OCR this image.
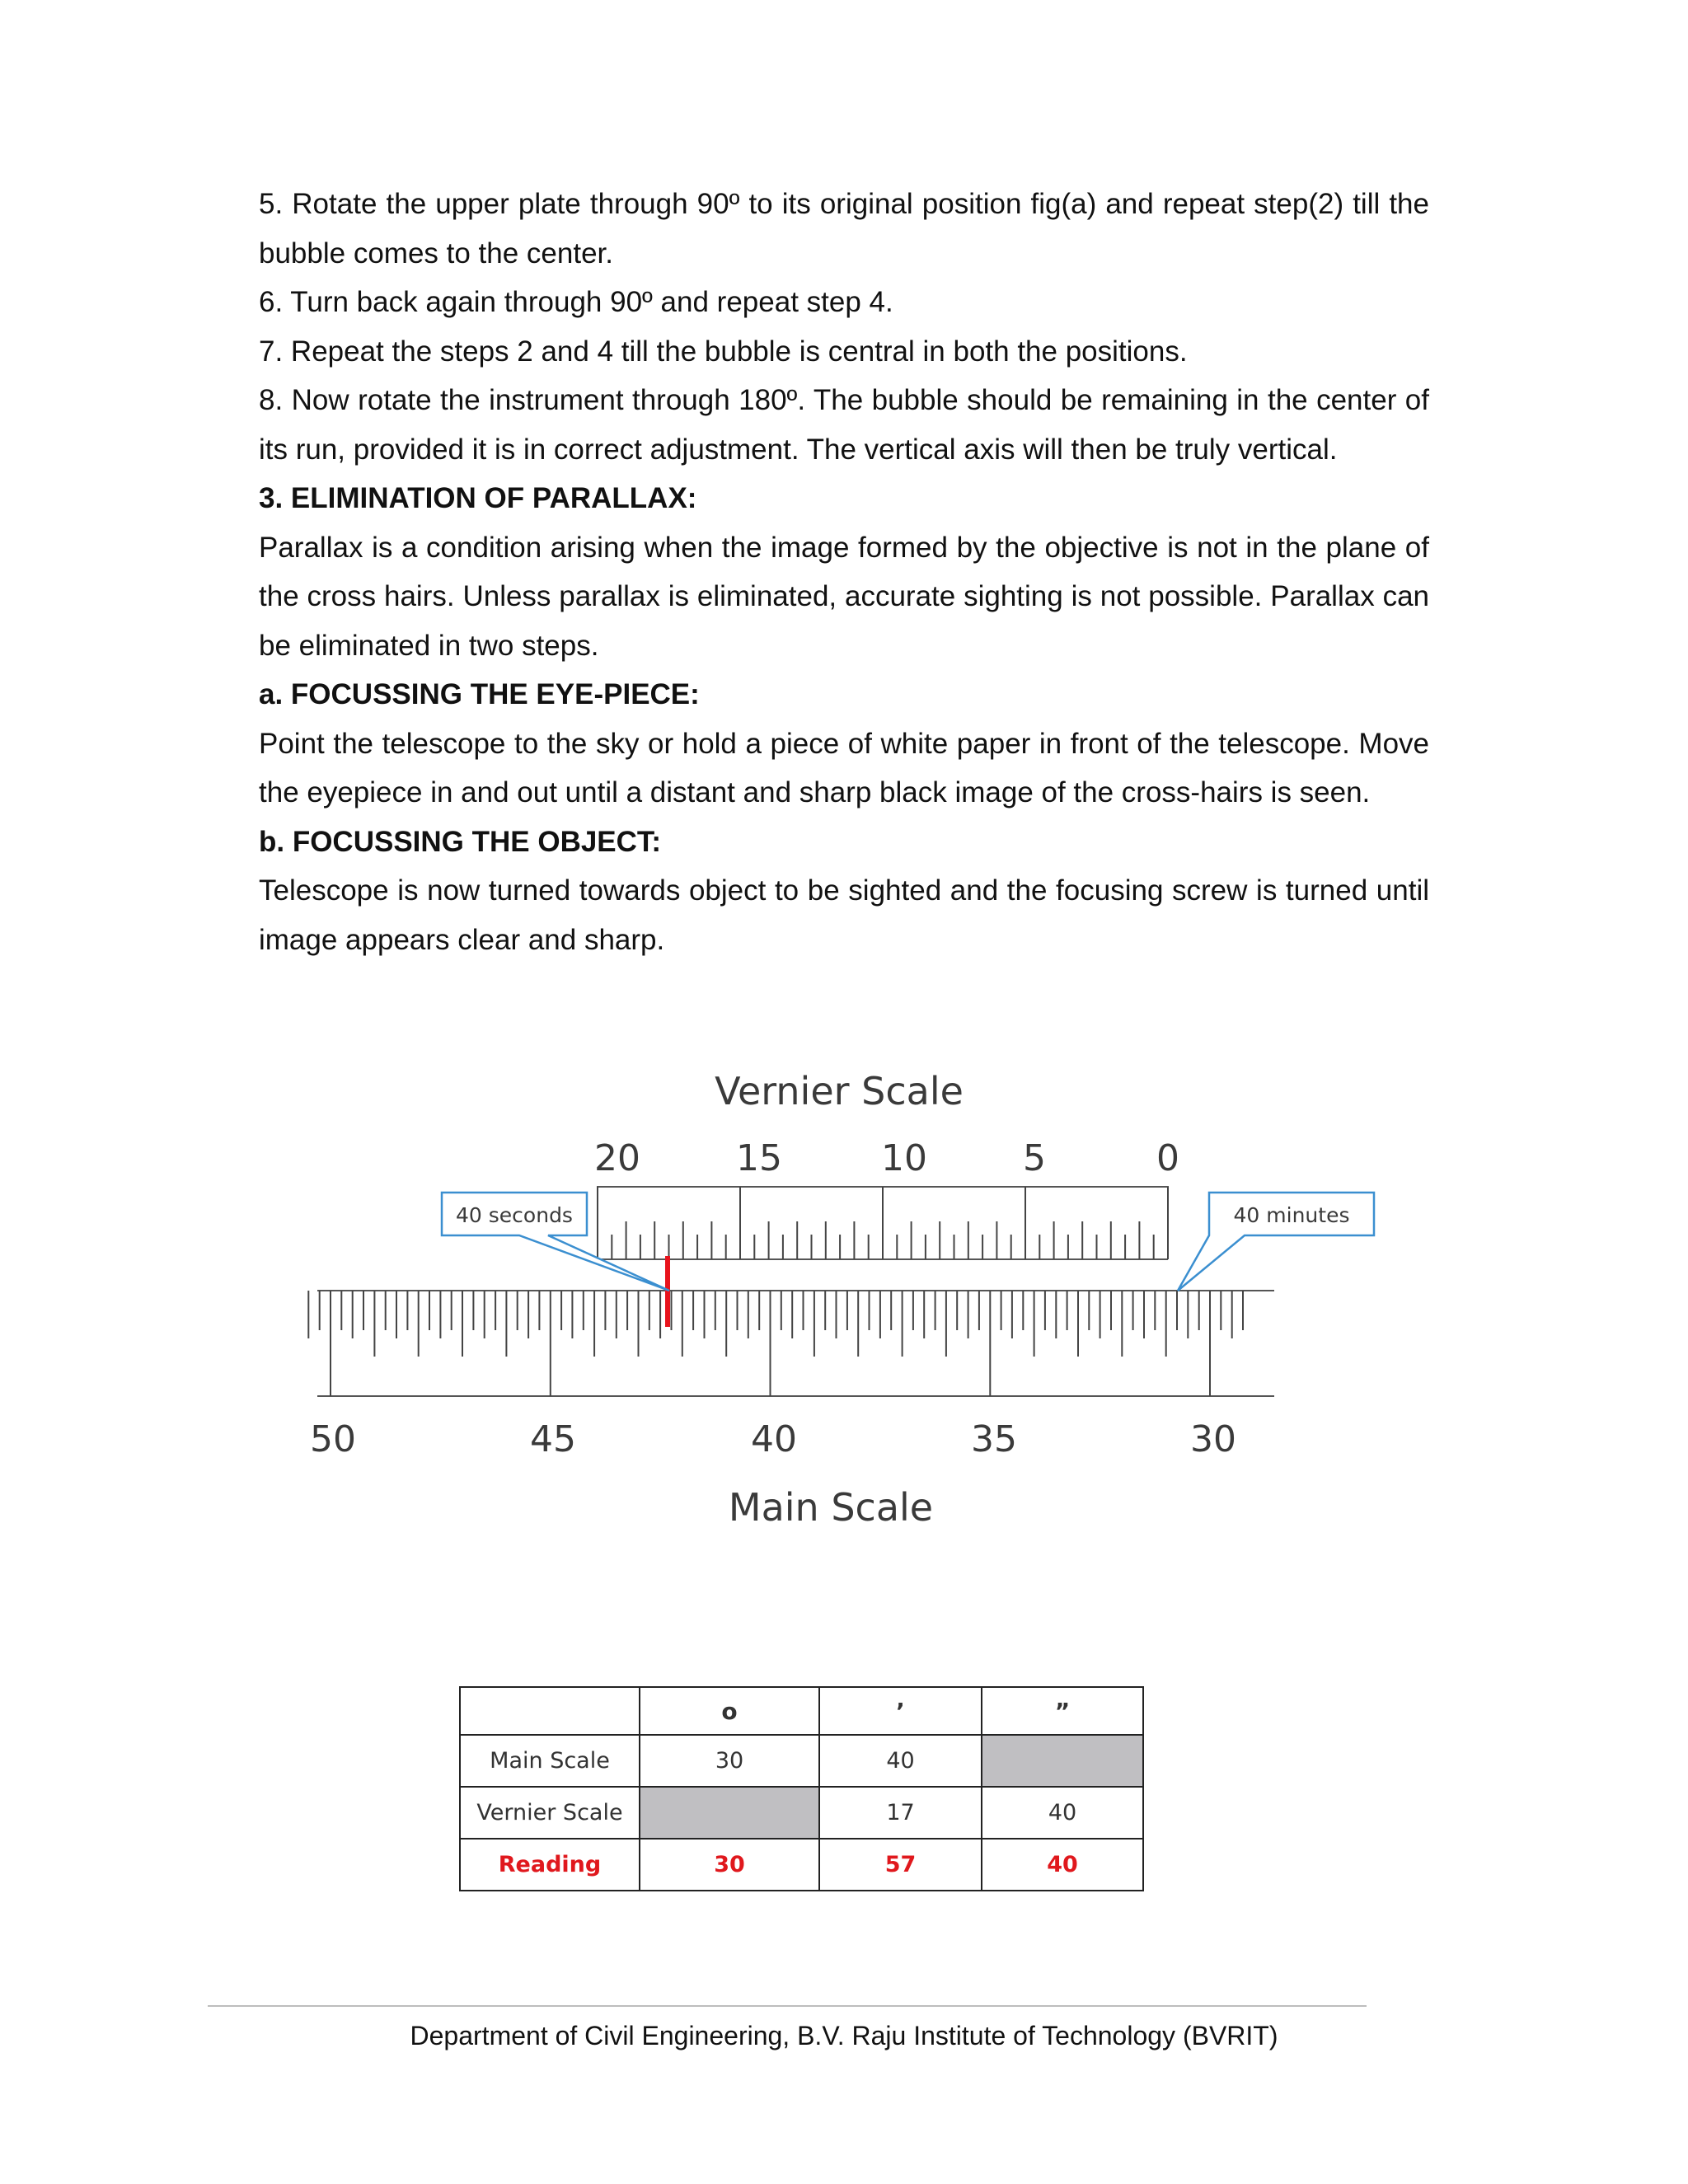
5. Rotate the upper plate through 90º to its original position fig(a) and repeat step(2) till the bubble comes to the center.

6. Turn back again through 90º and repeat step 4.

7. Repeat the steps 2 and 4 till the bubble is central in both the positions.

8. Now rotate the instrument through 180º. The bubble should be remaining in the center of its run, provided it is in correct adjustment. The vertical axis will then be truly vertical.

3. ELIMINATION OF PARALLAX:

Parallax is a condition arising when the image formed by the objective is not in the plane of the cross hairs. Unless parallax is eliminated, accurate sighting is not possible. Parallax can be eliminated in two steps.

a. FOCUSSING THE EYE-PIECE:

Point the telescope to the sky or hold a piece of white paper in front of the telescope. Move the eyepiece in and out until a distant and sharp black image of the cross-hairs is seen.

b. FOCUSSING THE OBJECT:

Telescope is now turned towards object to be sighted and the focusing screw is turned until image appears clear and sharp.

Vernier Scale
Main Scale
20	15	10	5	0
50	45	40	35	30
40 seconds	40 minutes
	o	’	”
Main Scale	30	40	
Vernier Scale		17	40
Reading	30	57	40
Department of Civil Engineering, B.V. Raju Institute of Technology (BVRIT)
